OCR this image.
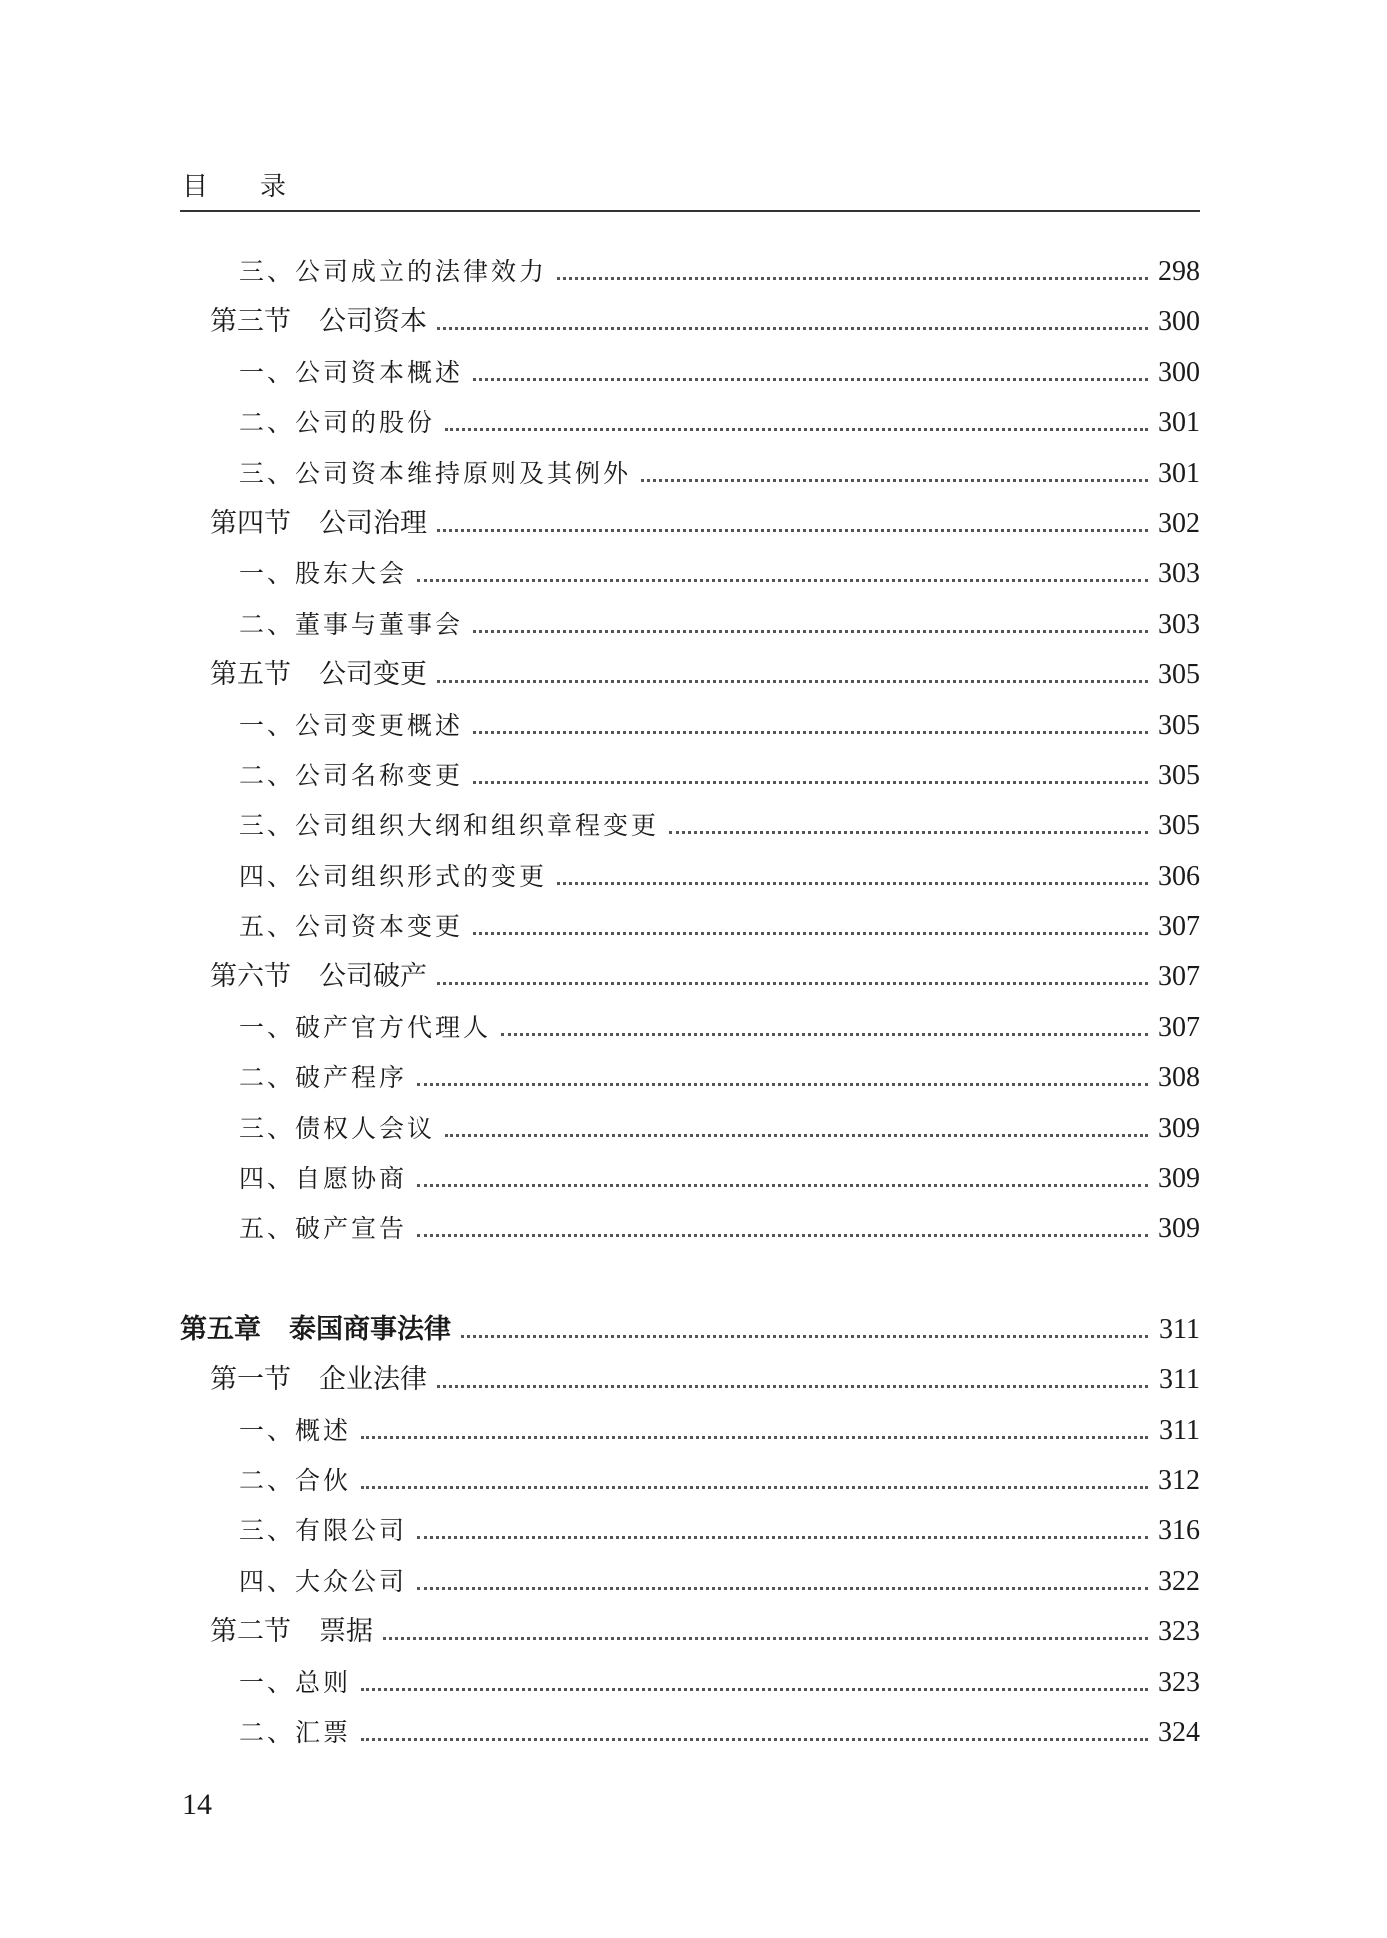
目 录
三、公司成立的法律效力	298
第三节 公司资本	300
一、公司资本概述	300
二、公司的股份	301
三、公司资本维持原则及其例外	301
第四节 公司治理	302
一、股东大会	303
二、董事与董事会	303
第五节 公司变更	305
一、公司变更概述	305
二、公司名称变更	305
三、公司组织大纲和组织章程变更	305
四、公司组织形式的变更	306
五、公司资本变更	307
第六节 公司破产	307
一、破产官方代理人	307
二、破产程序	308
三、债权人会议	309
四、自愿协商	309
五、破产宣告	309
第五章 泰国商事法律	311
第一节 企业法律	311
一、概述	311
二、合伙	312
三、有限公司	316
四、大众公司	322
第二节 票据	323
一、总则	323
二、汇票	324
14
